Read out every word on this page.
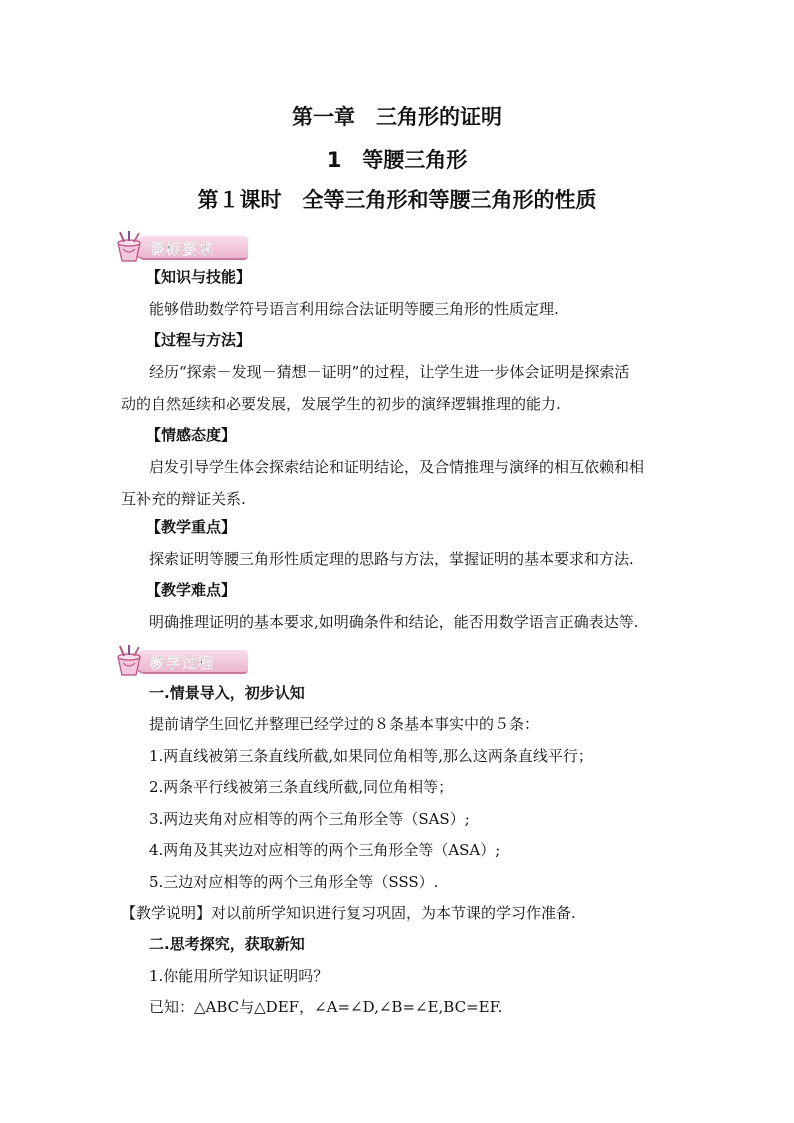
第一章　三角形的证明
1　等腰三角形
第１课时　全等三角形和等腰三角形的性质
课标要求
【知识与技能】
能够借助数学符号语言利用综合法证明等腰三角形的性质定理.
【过程与方法】
经历“探索－发现－猜想－证明”的过程，让学生进一步体会证明是探索活
动的自然延续和必要发展，发展学生的初步的演绎逻辑推理的能力.
【情感态度】
启发引导学生体会探索结论和证明结论，及合情推理与演绎的相互依赖和相
互补充的辩证关系.
【教学重点】
探索证明等腰三角形性质定理的思路与方法，掌握证明的基本要求和方法.
【教学难点】
明确推理证明的基本要求,如明确条件和结论，能否用数学语言正确表达等.
教学过程
一.情景导入，初步认知
提前请学生回忆并整理已经学过的８条基本事实中的５条：
1.两直线被第三条直线所截,如果同位角相等,那么这两条直线平行；
2.两条平行线被第三条直线所截,同位角相等；
3.两边夹角对应相等的两个三角形全等（SAS）;
4.两角及其夹边对应相等的两个三角形全等（ASA）;
5.三边对应相等的两个三角形全等（SSS）.
【教学说明】对以前所学知识进行复习巩固，为本节课的学习作准备.
二.思考探究，获取新知
1.你能用所学知识证明吗？
已知：△ABC与△DEF，∠A=∠D,∠B=∠E,BC=EF.
